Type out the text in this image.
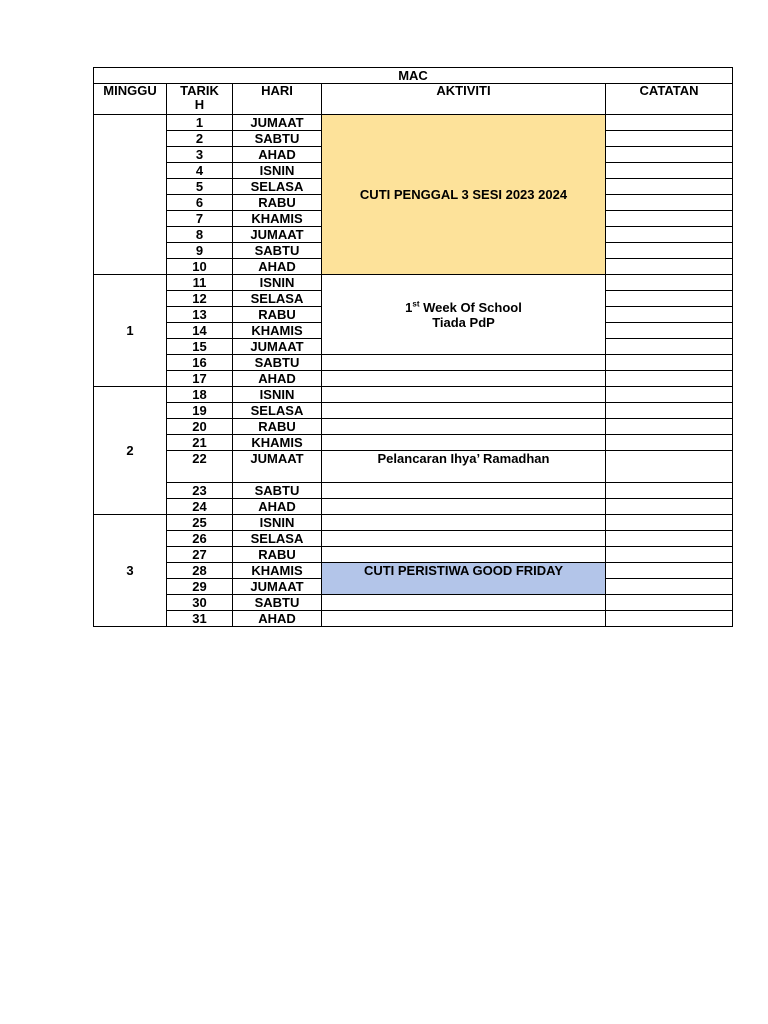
MAC				
MINGGU	TARIK
H	HARI	AKTIVITI	CATATAN
	1	JUMAAT	CUTI PENGGAL 3 SESI 2023 2024	
	2	SABTU		
	3	AHAD		
	4	ISNIN		
	5	SELASA		
	6	RABU		
	7	KHAMIS		
	8	JUMAAT		
	9	SABTU		
	10	AHAD		
1	11	ISNIN	1st Week Of School
Tiada PdP	

	12	SELASA		
	13	RABU		
	14	KHAMIS		
	15	JUMAAT		
	16	SABTU		
	17	AHAD		
2	18	ISNIN		
	19	SELASA		
	20	RABU		
	21	KHAMIS		
	22	JUMAAT	Pelancaran Ihya’ Ramadhan	
	23	SABTU		
	24	AHAD		
3	25	ISNIN		
	26	SELASA		
	27	RABU		
	28	KHAMIS	CUTI PERISTIWA GOOD FRIDAY	
	29	JUMAAT		
	30	SABTU		
	31	AHAD		
